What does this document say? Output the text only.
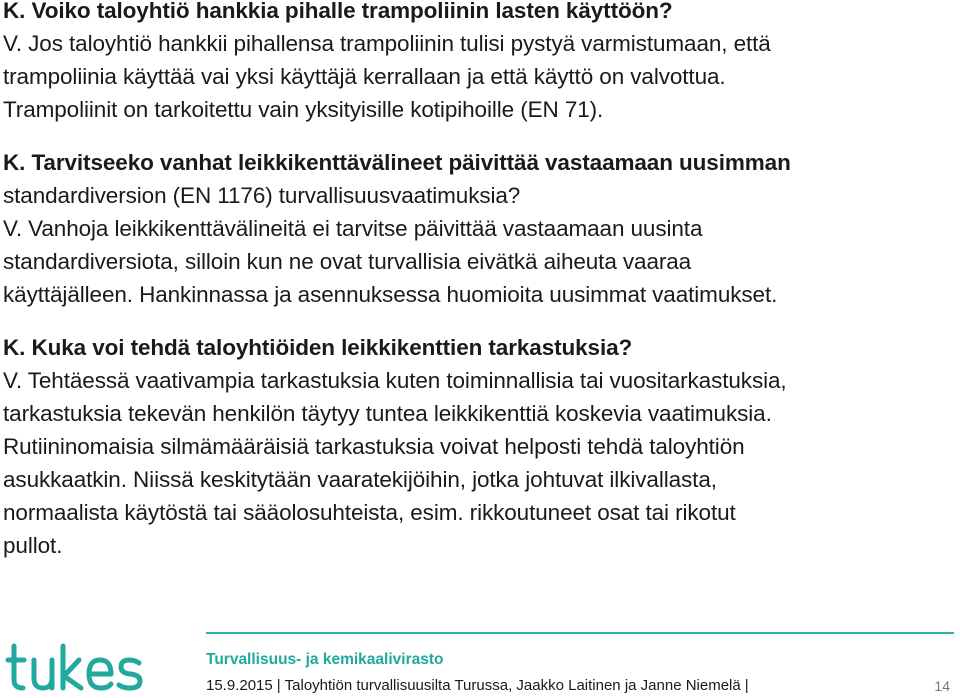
K. Voiko taloyhtiö hankkia pihalle trampoliinin lasten käyttöön?
V. Jos taloyhtiö hankkii pihallensa trampoliinin tulisi pystyä varmistumaan, että
trampoliinia käyttää vai yksi käyttäjä kerrallaan ja että käyttö on valvottua.
Trampoliinit on tarkoitettu vain yksityisille kotipihoille (EN 71).
K. Tarvitseeko vanhat leikkikenttävälineet päivittää vastaamaan uusimman
standardiversion (EN 1176) turvallisuusvaatimuksia?
V. Vanhoja leikkikenttävälineitä ei tarvitse päivittää vastaamaan uusinta
standardiversiota, silloin kun ne ovat turvallisia eivätkä aiheuta vaaraa
käyttäjälleen. Hankinnassa ja asennuksessa huomioita uusimmat vaatimukset.
K. Kuka voi tehdä taloyhtiöiden leikkikenttien tarkastuksia?
V. Tehtäessä vaativampia tarkastuksia kuten toiminnallisia tai vuositarkastuksia,
tarkastuksia tekevän henkilön täytyy tuntea leikkikenttiä koskevia vaatimuksia.
Rutiininomaisia silmämääräisiä tarkastuksia voivat helposti tehdä taloyhtiön
asukkaatkin. Niissä keskitytään vaaratekijöihin, jotka johtuvat ilkivallasta,
normaalista käytöstä tai sääolosuhteista, esim. rikkoutuneet osat tai rikotut
pullot.
Turvallisuus- ja kemikaalivirasto
15.9.2015 | Taloyhtiön turvallisuusilta Turussa, Jaakko Laitinen ja Janne Niemelä |	14
